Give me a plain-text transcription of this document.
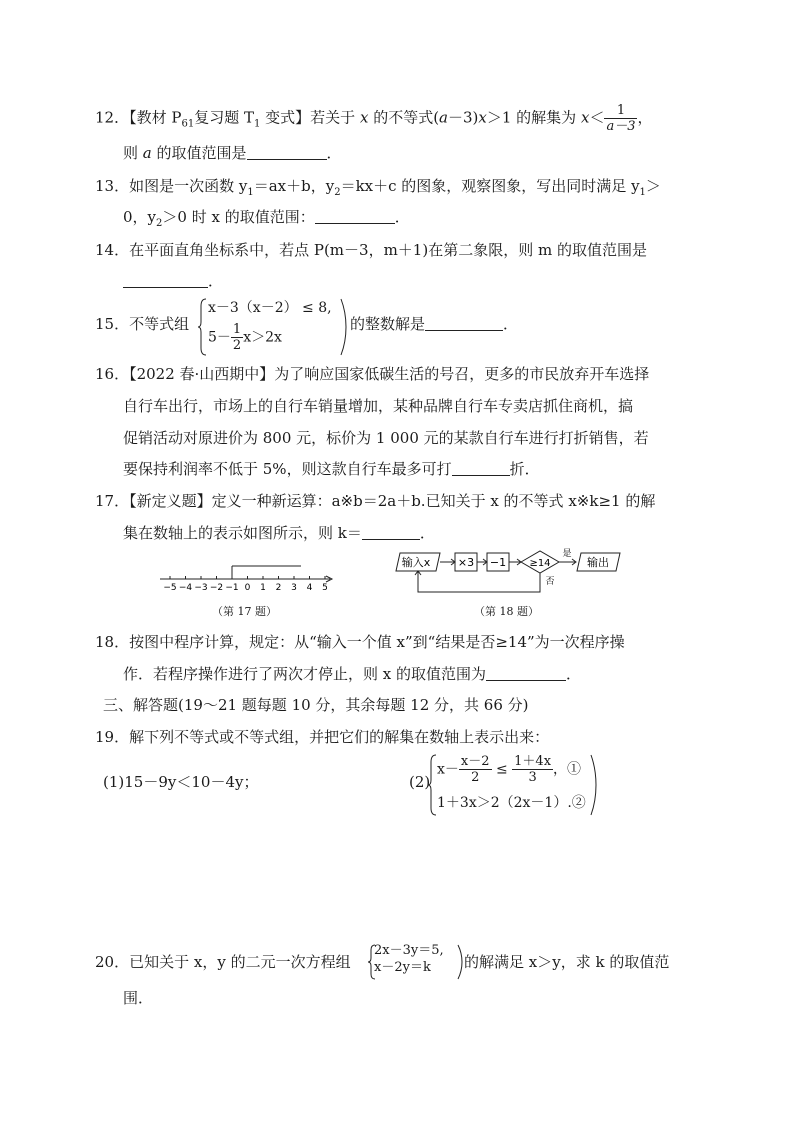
12．【教材 $P_{61}$复习题 $T_1$ 变式】若关于 x 的不等式(a－3)x＞1 的解集为 $x< \frac{1}{a-3}$ ，
则 a 的取值范围是	．
13．如图是一次函数 $y_1=ax+b$，$y_2=kx+c$ 的图象，观察图象，写出同时满足 $y_1>$
0，$y_2>0$ 时 x 的取值范围：	．
14．在平面直角坐标系中，若点 P(m－3，m＋1)在第二象限，则 m 的取值范围是
．
15．不等式组
x－3（x－2） ≤ 8,
$5- \frac{1}{2} x>2x$
的整数解是	．
16．【2022 春·山西期中】为了响应国家低碳生活的号召，更多的市民放弃开车选择
自行车出行，市场上的自行车销量增加，某种品牌自行车专卖店抓住商机，搞
促销活动对原进价为 800 元，标价为 1 000 元的某款自行车进行打折销售，若
要保持利润率不低于 5%，则这款自行车最多可打	折．
17．【新定义题】定义一种新运算：a※b＝2a＋b.已知关于 x 的不等式 x※k≥1 的解
集在数轴上的表示如图所示，则 k＝	．
−5 −4 −3 −2 −1 0 1 2 3 4 5
（第 17 题）
输入x	×3 −1 ≥14
是
输出
否
（第 18 题）
18．按图中程序计算，规定：从“输入一个值 x”到“结果是否≥14”为一次程序操
作．若程序操作进行了两次才停止，则 x 的取值范围为	．
三、解答题(19～21 题每题 10 分，其余每题 12 分，共 66 分)
19．解下列不等式或不等式组，并把它们的解集在数轴上表示出来：
(1)15－9y＜10－4y；	(2)
$x- \frac{x-2}{2} \le \frac{1+4x}{3}$ ，①
1＋3x＞2（2x－1）.②
20．已知关于 x，y 的二元一次方程组
2x－3y＝5,
x－2y＝k 的解满足 x＞y，求 k 的取值范
围．
